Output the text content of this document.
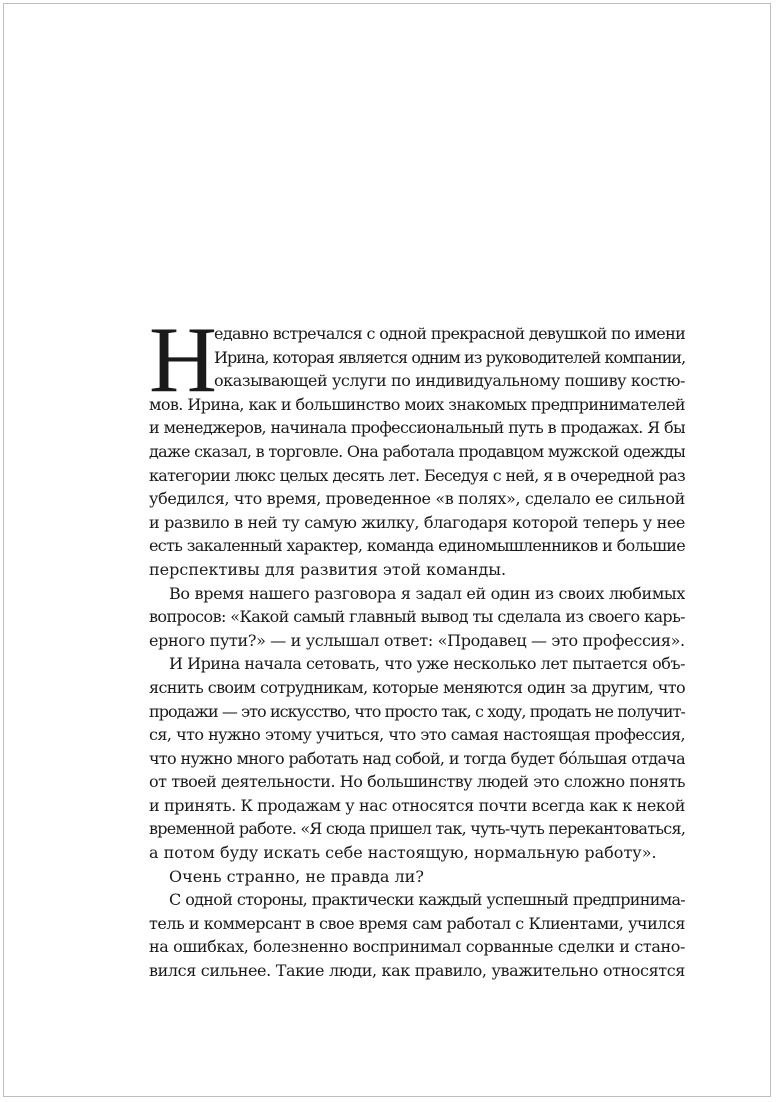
Н
едавно встречался с одной прекрасной девушкой по имени
Ирина, которая является одним из руководителей компании,
оказывающей услуги по индивидуальному пошиву костю-
мов. Ирина, как и большинство моих знакомых предпринимателей
и менеджеров, начинала профессиональный путь в продажах. Я бы
даже сказал, в торговле. Она работала продавцом мужской одежды
категории люкс целых десять лет. Беседуя с ней, я в очередной раз
убедился, что время, проведенное «в полях», сделало ее сильной
и развило в ней ту самую жилку, благодаря которой теперь у нее
есть закаленный характер, команда единомышленников и большие
перспективы для развития этой команды.
Во время нашего разговора я задал ей один из своих любимых
вопросов: «Какой самый главный вывод ты сделала из своего карь-
ерного пути?» — и услышал ответ: «Продавец — это профессия».
И Ирина начала сетовать, что уже несколько лет пытается объ-
яснить своим сотрудникам, которые меняются один за другим, что
продажи — это искусство, что просто так, с ходу, продать не получит-
ся, что нужно этому учиться, что это самая настоящая профессия,
что нужно много работать над собой, и тогда будет бо́льшая отдача
от твоей деятельности. Но большинству людей это сложно понять
и принять. К продажам у нас относятся почти всегда как к некой
временной работе. «Я сюда пришел так, чуть-чуть перекантоваться,
а потом буду искать себе настоящую, нормальную работу».
Очень странно, не правда ли?
С одной стороны, практически каждый успешный предпринима-
тель и коммерсант в свое время сам работал с Клиентами, учился
на ошибках, болезненно воспринимал сорванные сделки и стано-
вился сильнее. Такие люди, как правило, уважительно относятся
